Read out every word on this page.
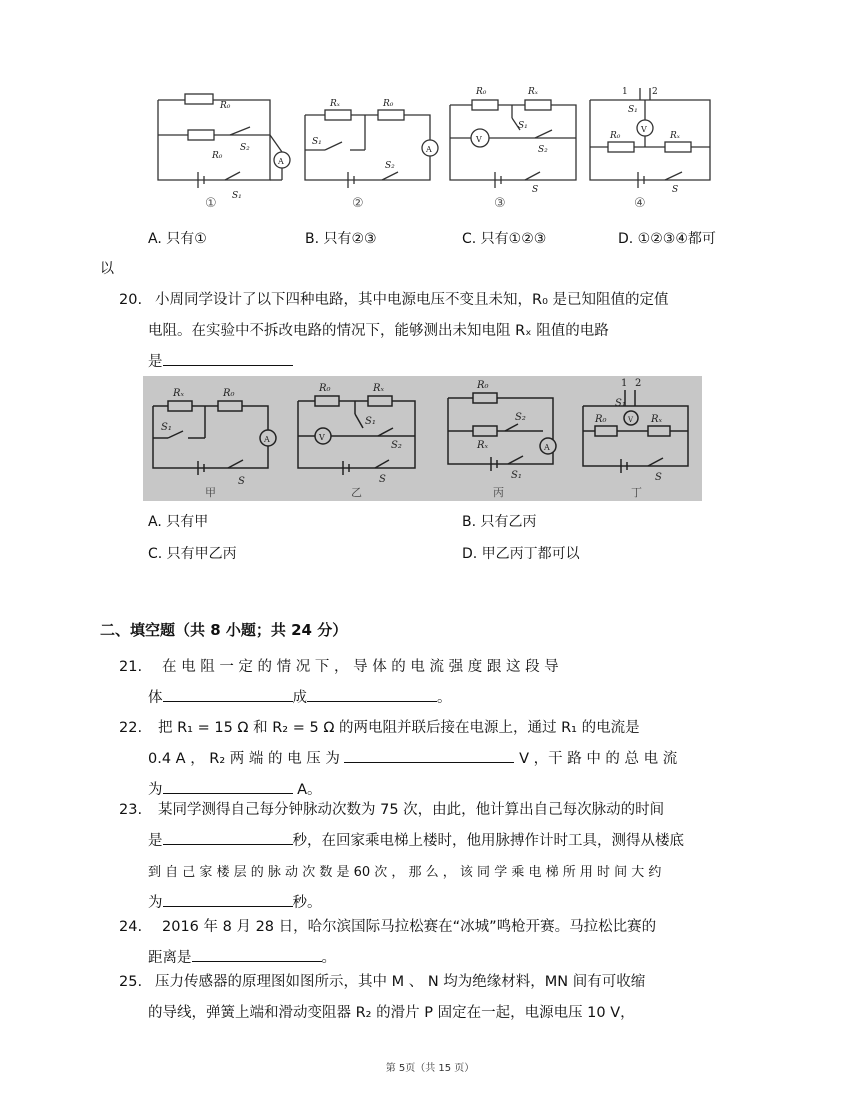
R₀
R₀
S₂
A
S₁
Rₓ	R₀
S₁
A
S₂
R₀	Rₓ
V
S₁
S₂
S
1	2
S₁
R₀	Rₓ
V
S
①	②	③	④
A. 只有①	B. 只有②③	C. 只有①②③	D. ①②③④都可
以
20. 小周同学设计了以下四种电路，其中电源电压不变且未知，R₀ 是已知阻值的定值
电阻。在实验中不拆改电路的情况下，能够测出未知电阻 Rₓ 阻值的电路
是
Rₓ	R₀
S₁
A
S
R₀	Rₓ
V
S₁
S₂
S
R₀
Rₓ
S₂
A
S₁
1 2
S₁
R₀	Rₓ
V
S
甲	乙	丙	丁
A. 只有甲	B. 只有乙丙
C. 只有甲乙丙	D. 甲乙丙丁都可以
二、填空题（共 8 小题；共 24 分）
21. 在 电 阻 一 定 的 情 况 下 ， 导 体 的 电 流 强 度 跟 这 段 导
体	成	。
22. 把 R₁ = 15 Ω 和 R₂ = 5 Ω 的两电阻并联后接在电源上，通过 R₁ 的电流是
0.4 A ， R₂ 两 端 的 电 压 为	V ，干 路 中 的 总 电 流
为	A。
23. 某同学测得自己每分钟脉动次数为 75 次，由此，他计算出自己每次脉动的时间
是	秒，在回家乘电梯上楼时，他用脉搏作计时工具，测得从楼底
到 自 己 家 楼 层 的 脉 动 次 数 是 60 次 ， 那 么 ， 该 同 学 乘 电 梯 所 用 时 间 大 约
为	秒。
24. 2016 年 8 月 28 日，哈尔滨国际马拉松赛在“冰城”鸣枪开赛。马拉松比赛的
距离是	。
25. 压力传感器的原理图如图所示，其中 M 、 N 均为绝缘材料，MN 间有可收缩
的导线，弹簧上端和滑动变阻器 R₂ 的滑片 P 固定在一起，电源电压 10 V，
第 5页（共 15 页）
